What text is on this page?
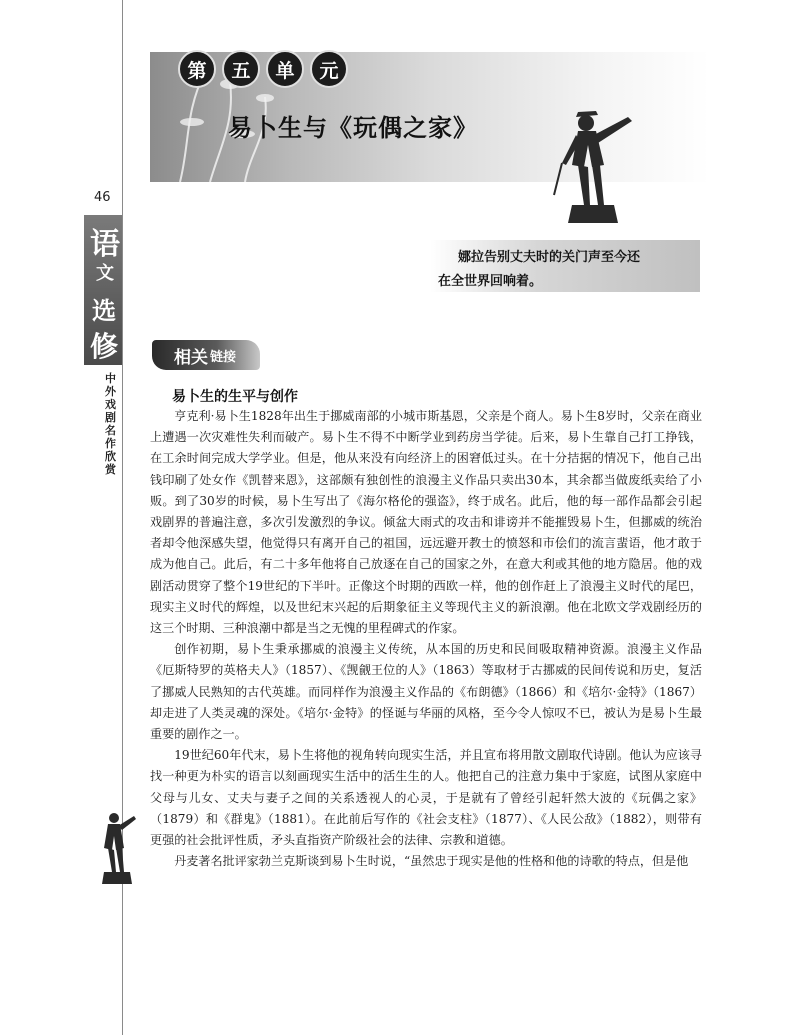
46
语
文
选
修
中外戏剧名作欣赏
第	五	单	元
易卜生与《玩偶之家》
娜拉告别丈夫时的关门声至今还
在全世界回响着。
相关 链接
易卜生的生平与创作

亨克利·易卜生1828年出生于挪威南部的小城市斯基恩，父亲是个商人。易卜生8岁时，父亲在商业上遭遇一次灾难性失利而破产。易卜生不得不中断学业到药房当学徒。后来，易卜生靠自己打工挣钱，在工余时间完成大学学业。但是，他从来没有向经济上的困窘低过头。在十分拮据的情况下，他自己出钱印刷了处女作《凯替来恩》，这部颇有独创性的浪漫主义作品只卖出30本，其余都当做废纸卖给了小贩。到了30岁的时候，易卜生写出了《海尔格伦的强盗》，终于成名。此后，他的每一部作品都会引起戏剧界的普遍注意，多次引发激烈的争议。倾盆大雨式的攻击和诽谤并不能摧毁易卜生，但挪威的统治者却令他深感失望，他觉得只有离开自己的祖国，远远避开教士的愤怒和市侩们的流言蜚语，他才敢于成为他自己。此后，有二十多年他将自己放逐在自己的国家之外，在意大利或其他的地方隐居。他的戏剧活动贯穿了整个19世纪的下半叶。正像这个时期的西欧一样，他的创作赶上了浪漫主义时代的尾巴，现实主义时代的辉煌，以及世纪末兴起的后期象征主义等现代主义的新浪潮。他在北欧文学戏剧经历的这三个时期、三种浪潮中都是当之无愧的里程碑式的作家。

创作初期，易卜生秉承挪威的浪漫主义传统，从本国的历史和民间吸取精神资源。浪漫主义作品《厄斯特罗的英格夫人》（1857）、《觊觎王位的人》（1863）等取材于古挪威的民间传说和历史，复活了挪威人民熟知的古代英雄。而同样作为浪漫主义作品的《布朗德》（1866）和《培尔·金特》（1867）却走进了人类灵魂的深处。《培尔·金特》的怪诞与华丽的风格，至今令人惊叹不已，被认为是易卜生最重要的剧作之一。

19世纪60年代末，易卜生将他的视角转向现实生活，并且宣布将用散文剧取代诗剧。他认为应该寻找一种更为朴实的语言以刻画现实生活中的活生生的人。他把自己的注意力集中于家庭，试图从家庭中父母与儿女、丈夫与妻子之间的关系透视人的心灵，于是就有了曾经引起轩然大波的《玩偶之家》（1879）和《群鬼》（1881）。在此前后写作的《社会支柱》（1877）、《人民公敌》（1882），则带有更强的社会批评性质，矛头直指资产阶级社会的法律、宗教和道德。

丹麦著名批评家勃兰克斯谈到易卜生时说，“虽然忠于现实是他的性格和他的诗歌的特点，但是他
